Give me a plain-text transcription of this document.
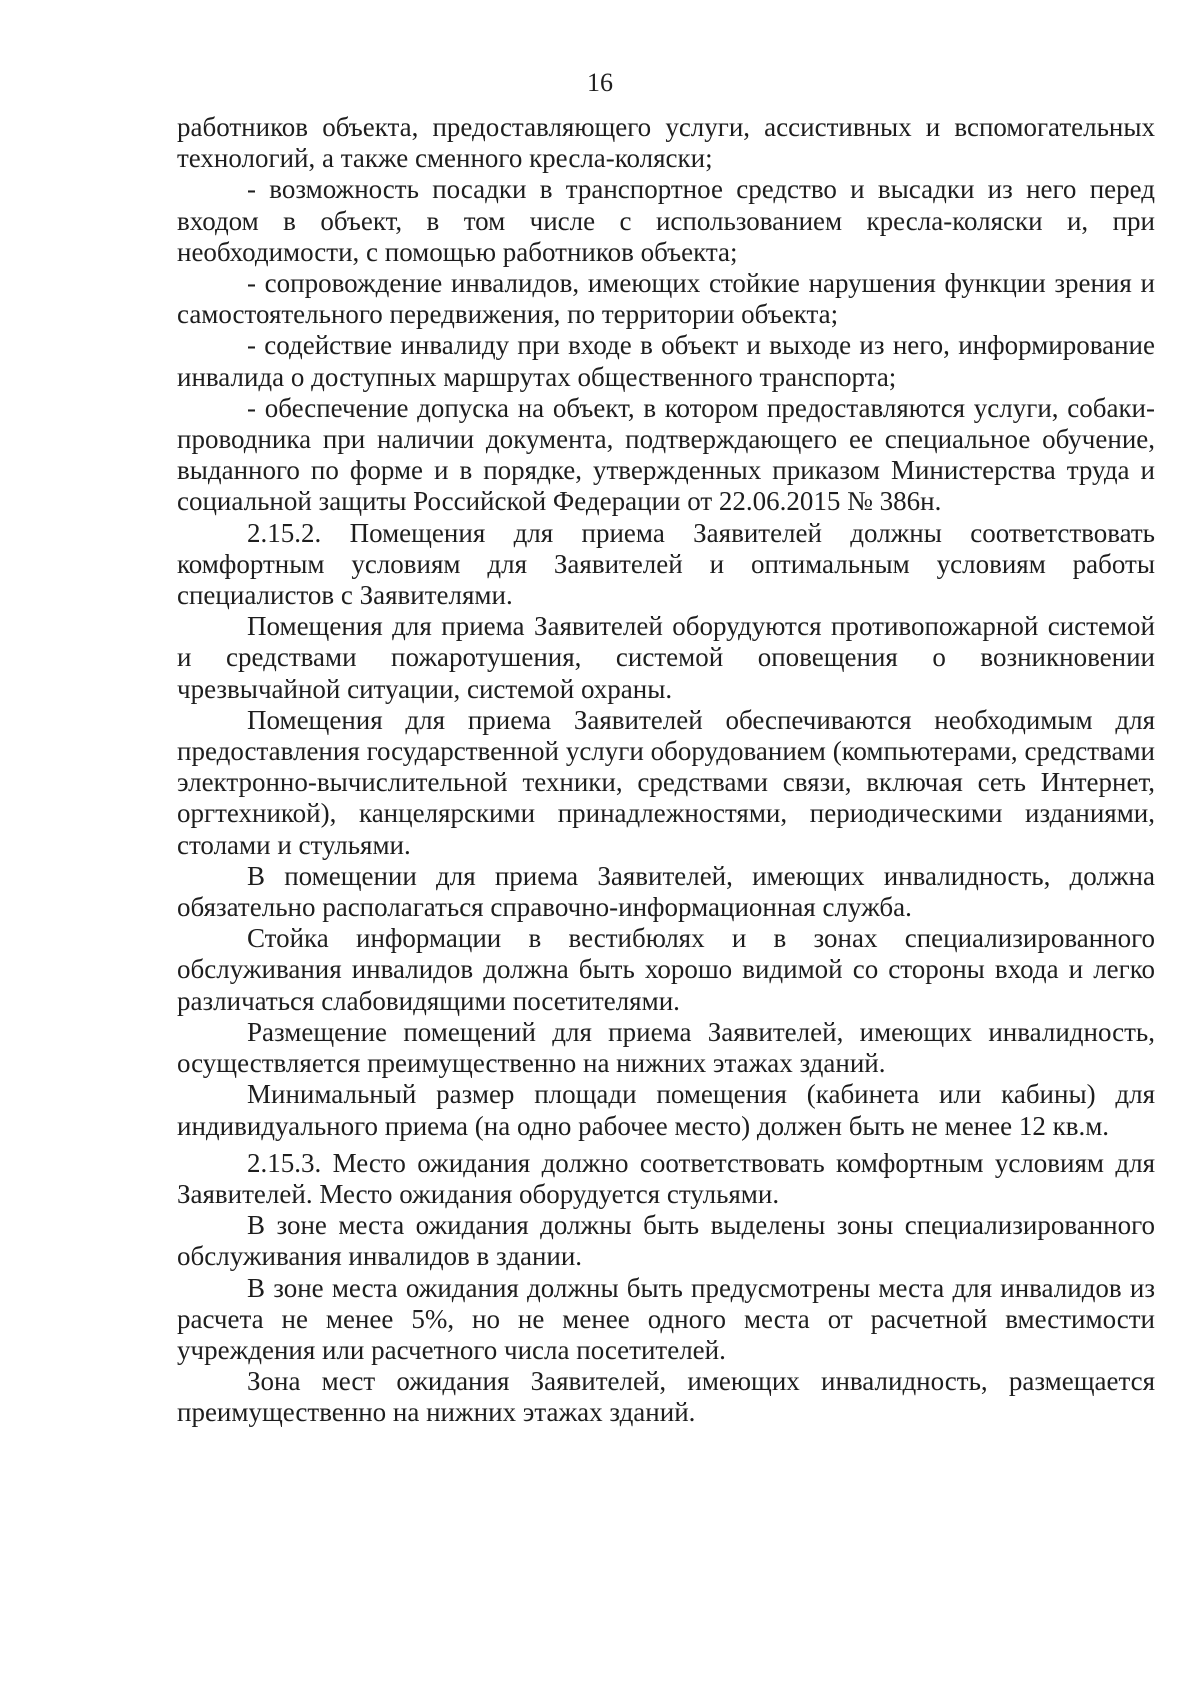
16

работников объекта, предоставляющего услуги, ассистивных и вспомогательных технологий, а также сменного кресла-коляски;

- возможность посадки в транспортное средство и высадки из него перед входом в объект, в том числе с использованием кресла-коляски и, при необходимости, с помощью работников объекта;

- сопровождение инвалидов, имеющих стойкие нарушения функции зрения и самостоятельного передвижения, по территории объекта;

- содействие инвалиду при входе в объект и выходе из него, информирование инвалида о доступных маршрутах общественного транспорта;

- обеспечение допуска на объект, в котором предоставляются услуги, собаки-проводника при наличии документа, подтверждающего ее специальное обучение, выданного по форме и в порядке, утвержденных приказом Министерства труда и социальной защиты Российской Федерации от 22.06.2015 № 386н.

2.15.2. Помещения для приема Заявителей должны соответствовать комфортным условиям для Заявителей и оптимальным условиям работы специалистов с Заявителями.

Помещения для приема Заявителей оборудуются противопожарной системой и средствами пожаротушения, системой оповещения о возникновении чрезвычайной ситуации, системой охраны.

Помещения для приема Заявителей обеспечиваются необходимым для предоставления государственной услуги оборудованием (компьютерами, средствами электронно-вычислительной техники, средствами связи, включая сеть Интернет, оргтехникой), канцелярскими принадлежностями, периодическими изданиями, столами и стульями.

В помещении для приема Заявителей, имеющих инвалидность, должна обязательно располагаться справочно-информационная служба.

Стойка информации в вестибюлях и в зонах специализированного обслуживания инвалидов должна быть хорошо видимой со стороны входа и легко различаться слабовидящими посетителями.

Размещение помещений для приема Заявителей, имеющих инвалидность, осуществляется преимущественно на нижних этажах зданий.

Минимальный размер площади помещения (кабинета или кабины) для индивидуального приема (на одно рабочее место) должен быть не менее 12 кв.м.

2.15.3. Место ожидания должно соответствовать комфортным условиям для Заявителей. Место ожидания оборудуется стульями.

В зоне места ожидания должны быть выделены зоны специализированного обслуживания инвалидов в здании.

В зоне места ожидания должны быть предусмотрены места для инвалидов из расчета не менее 5%, но не менее одного места от расчетной вместимости учреждения или расчетного числа посетителей.

Зона мест ожидания Заявителей, имеющих инвалидность, размещается преимущественно на нижних этажах зданий.
